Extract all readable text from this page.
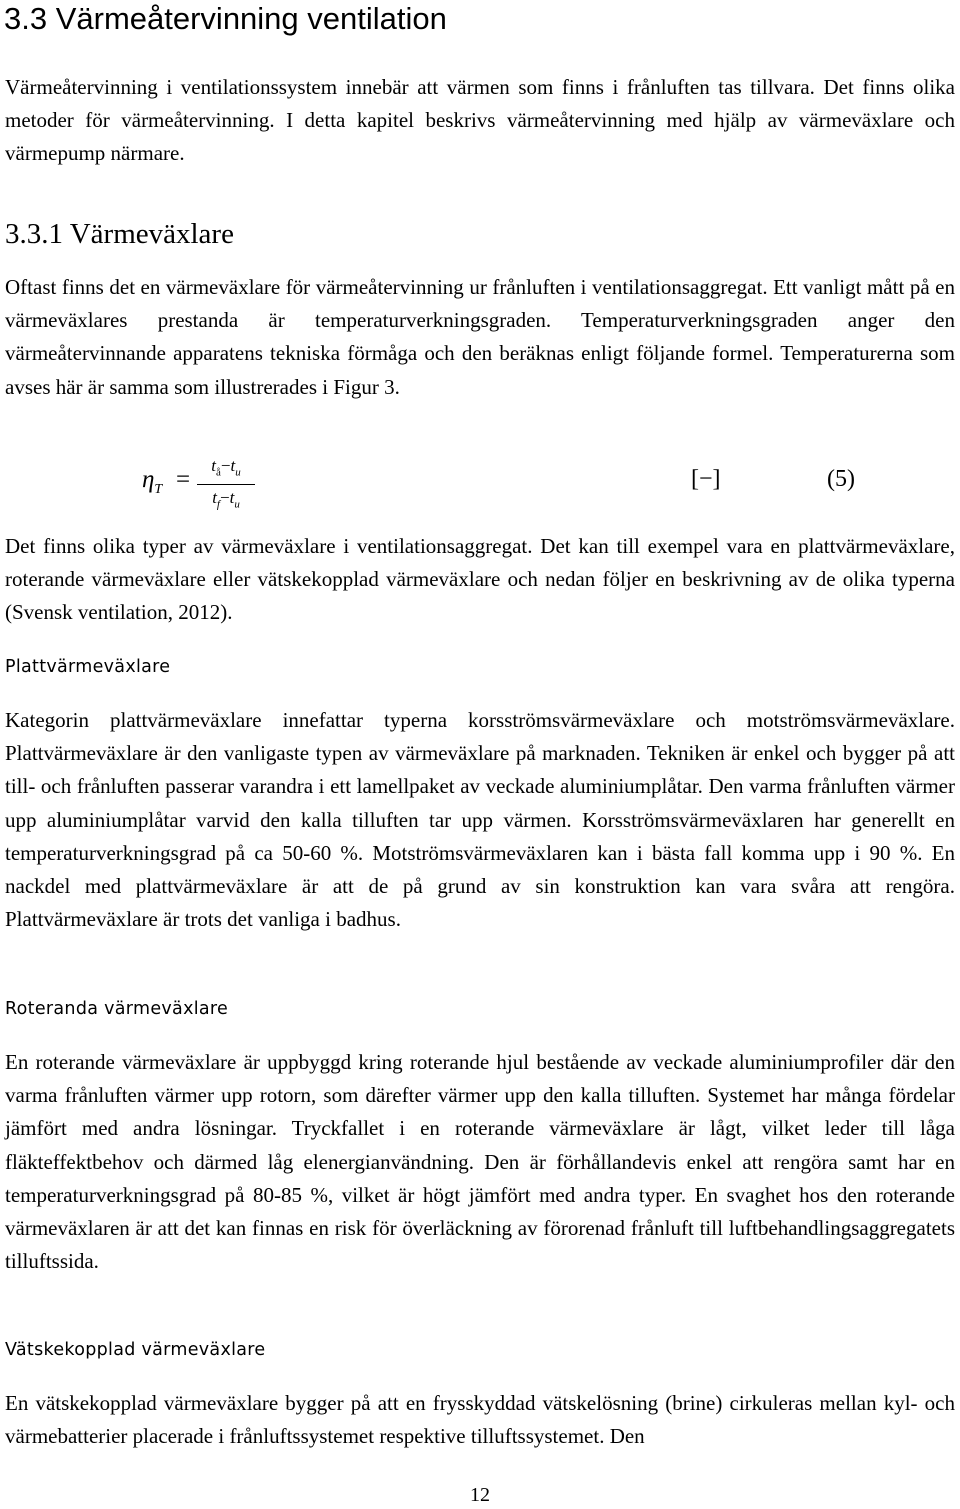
3.3 Värmeåtervinning ventilation
Värmeåtervinning i ventilationssystem innebär att värmen som finns i frånluften tas tillvara. Det finns olika metoder för värmeåtervinning. I detta kapitel beskrivs värmeåtervinning med hjälp av värmeväxlare och värmepump närmare.
3.3.1 Värmeväxlare
Oftast finns det en värmeväxlare för värmeåtervinning ur frånluften i ventilationsaggregat. Ett vanligt mått på en värmeväxlares prestanda är temperaturverkningsgraden. Temperaturverkningsgraden anger den värmeåtervinnande apparatens tekniska förmåga och den beräknas enligt följande formel. Temperaturerna som avses här är samma som illustrerades i Figur 3.
$\eta_T = \frac{t_å-t_u}{t_f-t_u}$	[−]	(5)
Det finns olika typer av värmeväxlare i ventilationsaggregat. Det kan till exempel vara en plattvärmeväxlare, roterande värmeväxlare eller vätskekopplad värmeväxlare och nedan följer en beskrivning av de olika typerna (Svensk ventilation, 2012).
Plattvärmeväxlare
Kategorin plattvärmeväxlare innefattar typerna korsströmsvärmeväxlare och motströmsvärmeväxlare. Plattvärmeväxlare är den vanligaste typen av värmeväxlare på marknaden. Tekniken är enkel och bygger på att till- och frånluften passerar varandra i ett lamellpaket av veckade aluminiumplåtar. Den varma frånluften värmer upp aluminiumplåtar varvid den kalla tilluften tar upp värmen. Korsströmsvärmeväxlaren har generellt en temperaturverkningsgrad på ca 50-60 %. Motströmsvärmeväxlaren kan i bästa fall komma upp i 90 %. En nackdel med plattvärmeväxlare är att de på grund av sin konstruktion kan vara svåra att rengöra. Plattvärmeväxlare är trots det vanliga i badhus.
Roteranda värmeväxlare
En roterande värmeväxlare är uppbyggd kring roterande hjul bestående av veckade aluminiumprofiler där den varma frånluften värmer upp rotorn, som därefter värmer upp den kalla tilluften. Systemet har många fördelar jämfört med andra lösningar. Tryckfallet i en roterande värmeväxlare är lågt, vilket leder till låga fläkteffektbehov och därmed låg elenergianvändning. Den är förhållandevis enkel att rengöra samt har en temperaturverkningsgrad på 80-85 %, vilket är högt jämfört med andra typer. En svaghet hos den roterande värmeväxlaren är att det kan finnas en risk för överläckning av förorenad frånluft till luftbehandlingsaggregatets tilluftssida.
Vätskekopplad värmeväxlare
En vätskekopplad värmeväxlare bygger på att en frysskyddad vätskelösning (brine) cirkuleras mellan kyl- och värmebatterier placerade i frånluftssystemet respektive tilluftssystemet. Den
12
